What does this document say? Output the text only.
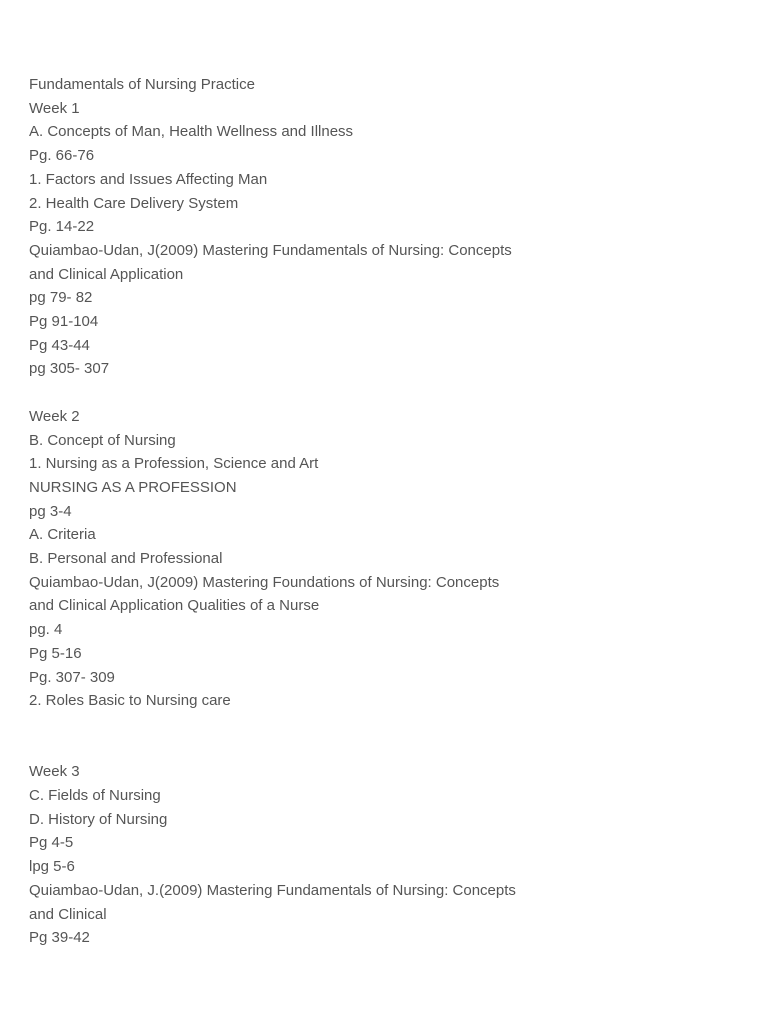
Fundamentals of Nursing Practice
Week 1
A. Concepts of Man, Health Wellness and Illness
Pg. 66-76
1. Factors and Issues Affecting Man
2. Health Care Delivery System
Pg. 14-22
Quiambao-Udan, J(2009) Mastering Fundamentals of Nursing: Concepts
and Clinical Application
pg 79- 82
Pg 91-104
Pg 43-44
pg 305- 307
Week 2
B. Concept of Nursing
1. Nursing as a Profession, Science and Art
NURSING AS A PROFESSION
pg 3-4
A. Criteria
B. Personal and Professional
Quiambao-Udan, J(2009) Mastering Foundations of Nursing: Concepts
and Clinical Application Qualities of a Nurse
pg. 4
Pg 5-16
Pg. 307- 309
2. Roles Basic to Nursing care
Week 3
C. Fields of Nursing
D. History of Nursing
Pg 4-5
lpg 5-6
Quiambao-Udan, J.(2009) Mastering Fundamentals of Nursing: Concepts
and Clinical
Pg 39-42
